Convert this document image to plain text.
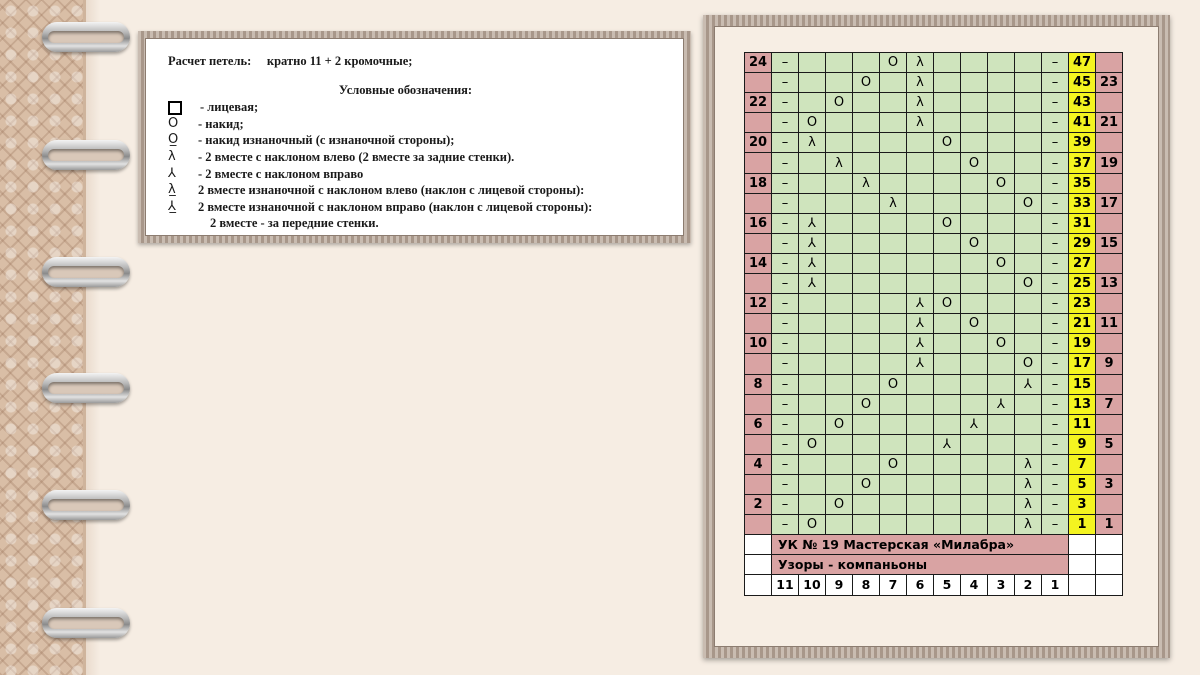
Расчет петель: кратно 11 + 2 кромочные;
Условные обозначения:
- лицевая;
O	- накид;
O̲	- накид изнаночный (с изнаночной стороны);
λ	- 2 вместе с наклоном влево (2 вместе за задние стенки).
⅄	- 2 вместе с наклоном вправо
λ̲	2 вместе изнаночной с наклоном влево (наклон с лицевой стороны):
⅄̲	2 вместе изнаночной с наклоном вправо (наклон с лицевой стороны):
2 вместе - за передние стенки.
24	–				O	λ					–	47	
	–			O		λ					–	45	23
22	–		O			λ					–	43	
	–	O				λ					–	41	21
20	–	λ					O				–	39	
	–		λ					O			–	37	19
18	–			λ					O		–	35	
	–				λ					O	–	33	17
16	–	⅄					O				–	31	
	–	⅄						O			–	29	15
14	–	⅄							O		–	27	
	–	⅄								O	–	25	13
12	–					⅄	O				–	23	
	–					⅄		O			–	21	11
10	–					⅄			O		–	19	
	–					⅄				O	–	17	9
8	–				O					⅄	–	15	
	–			O					⅄		–	13	7
6	–		O					⅄			–	11	
	–	O					⅄				–	9	5
4	–				O					λ	–	7	
	–			O						λ	–	5	3
2	–		O							λ	–	3	
	–	O								λ	–	1	1
	УК № 19 Мастерская «Милабра»												
	Узоры - компаньоны												
	11	10	9	8	7	6	5	4	3	2	1		
